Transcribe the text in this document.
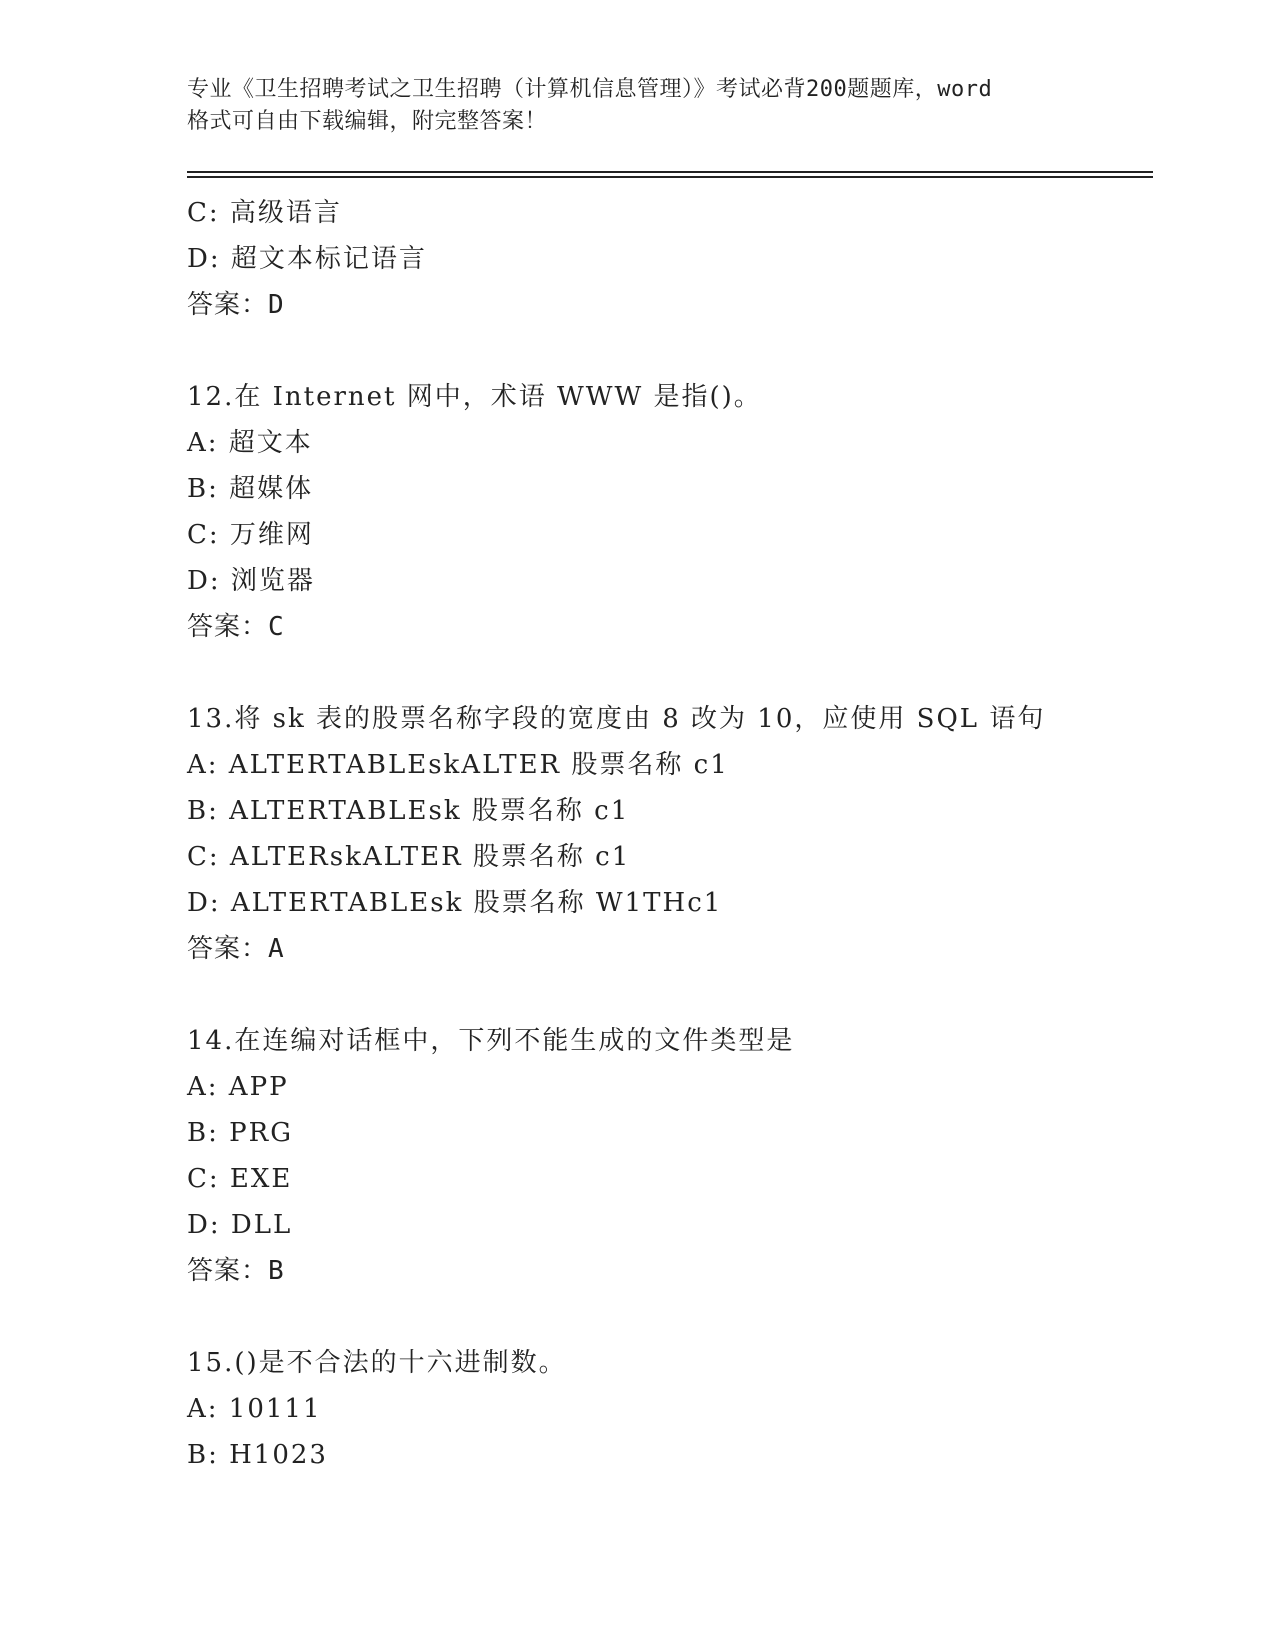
专业《卫生招聘考试之卫生招聘（计算机信息管理）》考试必背200题题库，word
格式可自由下载编辑，附完整答案！
C: 高级语言
D: 超文本标记语言
答案：D
12.在 Internet 网中，术语 WWW 是指()。
A: 超文本
B: 超媒体
C: 万维网
D: 浏览器
答案：C
13.将 sk 表的股票名称字段的宽度由 8 改为 10，应使用 SQL 语句
A: ALTERTABLEskALTER 股票名称 c1
B: ALTERTABLEsk 股票名称 c1
C: ALTERskALTER 股票名称 c1
D: ALTERTABLEsk 股票名称 W1THc1
答案：A
14.在连编对话框中，下列不能生成的文件类型是
A: APP
B: PRG
C: EXE
D: DLL
答案：B
15.()是不合法的十六进制数。
A: 10111
B: H1023
